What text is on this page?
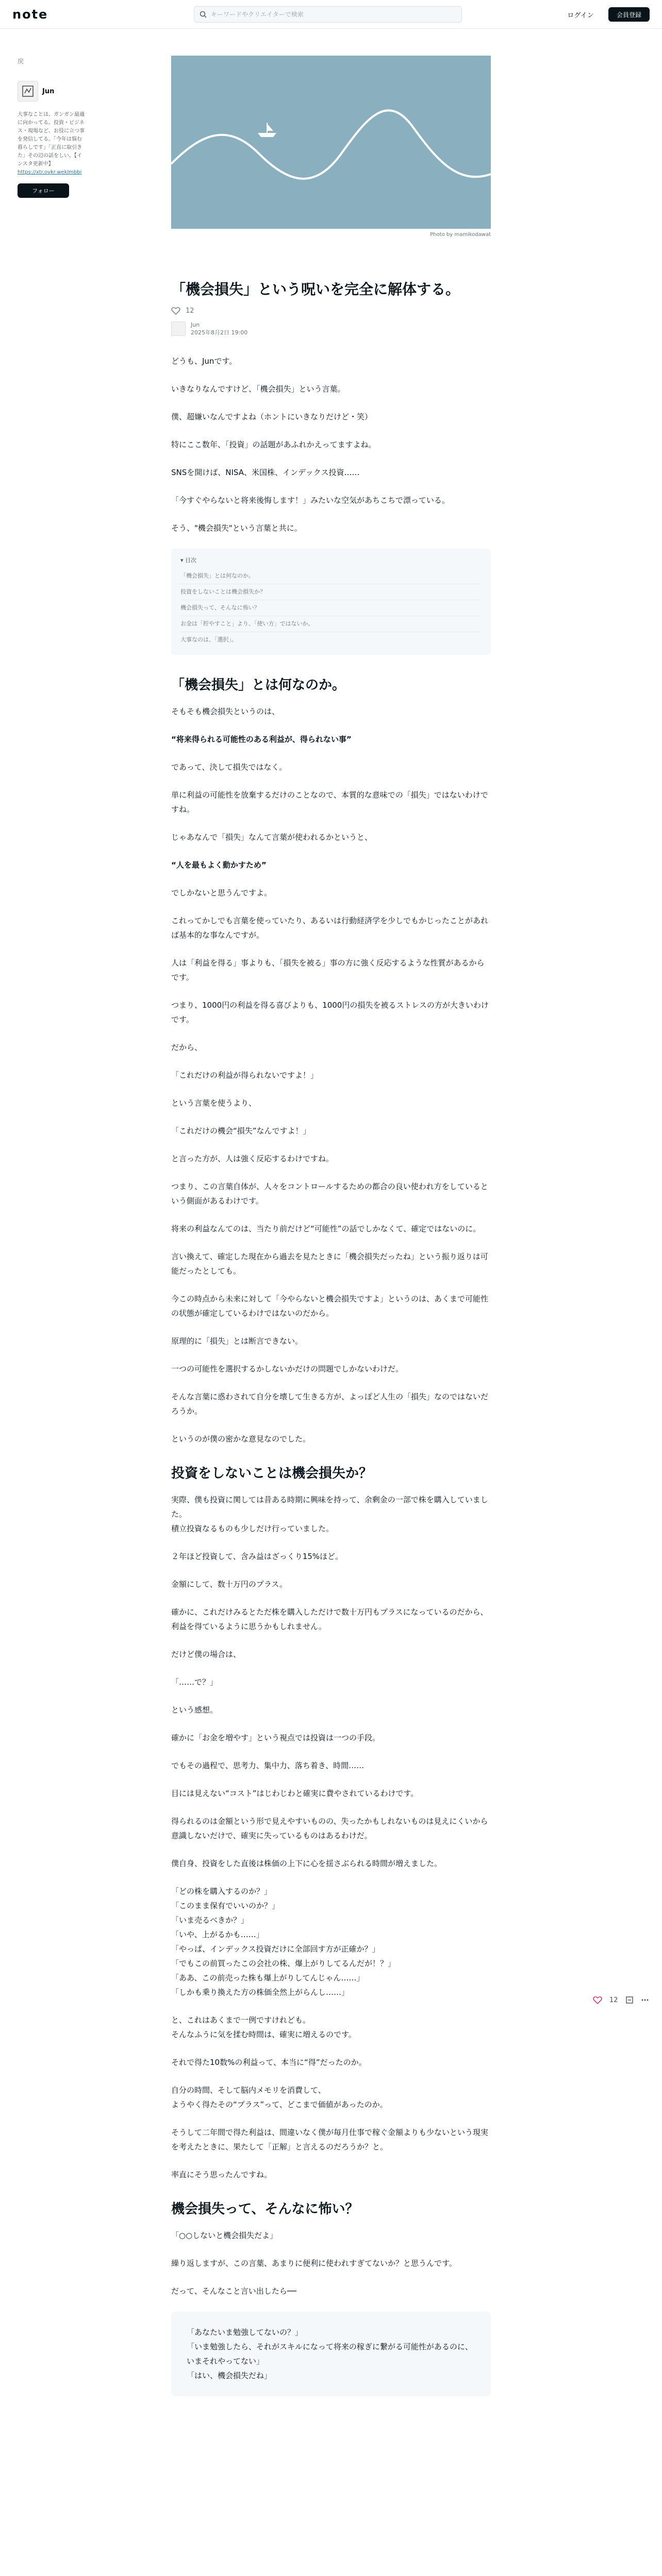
note
キーワードやクリエイターで検索	ログイン	会員登録
戻
Jun
大事なことは、ガンガン最適に向かってる。投資・ビジネス・現場など、お役に立つ事を発信してる。「今年は悩む暮らしです」「正直に取引きた」その辺の話をしい。【インスタ更新中】
https://xtr.ovkr.weklmbbi
フォロー
Photo by mamikodawat
「機会損失」という呪いを完全に解体する。
12
Jun
2025年8月2日 19:00

どうも、Junです。

いきなりなんですけど、「機会損失」という言葉。

僕、超嫌いなんですよね（ホントにいきなりだけど・笑）

特にここ数年、「投資」の話題があふれかえってますよね。

SNSを開けば、NISA、米国株、インデックス投資……

「今すぐやらないと将来後悔します！」みたいな空気があちこちで漂っている。

そう、"機会損失"という言葉と共に。

▾ 目次
「機会損失」とは何なのか。
投資をしないことは機会損失か？
機会損失って、そんなに怖い？
お金は「貯やすこと」より、「使い方」ではないか。
大事なのは、「選択」。
「機会損失」とは何なのか。

そもそも機会損失というのは、

“将来得られる可能性のある利益が、得られない事”

であって、決して損失ではなく。

単に利益の可能性を放棄するだけのことなので、本質的な意味での「損失」ではないわけですね。

じゃあなんで「損失」なんて言葉が使われるかというと、

“人を最もよく動かすため”

でしかないと思うんですよ。

これってかしでも言葉を使っていたり、あるいは行動経済学を少しでもかじったことがあれば基本的な事なんですが。

人は「利益を得る」事よりも、「損失を被る」事の方に強く反応するような性質があるからです。

つまり、1000円の利益を得る喜びよりも、1000円の損失を被るストレスの方が大きいわけです。

だから、

「これだけの利益が得られないですよ！」

という言葉を使うより、

「これだけの機会“損失”なんですよ！」

と言った方が、人は強く反応するわけですね。

つまり、この言葉自体が、人々をコントロールするための都合の良い使われ方をしているという側面があるわけです。

将来の利益なんてのは、当たり前だけど“可能性”の話でしかなくて、確定ではないのに。

言い換えて、確定した現在から過去を見たときに「機会損失だったね」という振り返りは可能だったとしても。

今この時点から未来に対して「今やらないと機会損失ですよ」というのは、あくまで可能性の状態が確定しているわけではないのだから。

原理的に「損失」とは断言できない。

一つの可能性を選択するかしないかだけの問題でしかないわけだ。

そんな言葉に惑わされて自分を壊して生きる方が、よっぽど人生の「損失」なのではないだろうか。

というのが僕の密かな意見なのでした。

投資をしないことは機会損失か？

実際、僕も投資に関しては昔ある時期に興味を持って、余剰金の一部で株を購入していました。

積立投資なるものも少しだけ行っていました。

２年ほど投資して、含み益はざっくり15%ほど。

金額にして、数十万円のプラス。

確かに、これだけみるとただ株を購入しただけで数十万円もプラスになっているのだから、利益を得ているように思うかもしれません。

だけど僕の場合は、

「……で？」

という感想。

確かに「お金を増やす」という視点では投資は一つの手段。

でもその過程で、思考力、集中力、落ち着き、時間……

目には見えない“コスト”はじわじわと確実に費やされているわけです。

得られるのは金額という形で見えやすいものの、失ったかもしれないものは見えにくいから意識しないだけで、確実に失っているものはあるわけだ。

僕自身、投資をした直後は株価の上下に心を揺さぶられる時間が増えました。

「どの株を購入するのか？」

「このまま保有でいいのか？」

「いま売るべきか？」

「いや、上がるかも……」

「やっぱ、インデックス投資だけに全部回す方が正確か？」

「でもこの前買ったこの会社の株、爆上がりしてるんだが！？」

「ああ、この前売った株も爆上がりしてんじゃん……」

「しかも乗り換えた方の株価全然上がらんし……」

と、これはあくまで一例ですけれども。

そんなふうに気を揉む時間は、確実に増えるのです。

それで得た10数%の利益って、本当に“得”だったのか。

自分の時間、そして脳内メモリを消費して、

ようやく得たその“プラス”って、どこまで価値があったのか。

そうして二年間で得た利益は、間違いなく僕が毎月仕事で稼ぐ金額よりも少ないという現実を考えたときに、果たして「正解」と言えるのだろうか？と。

率直にそう思ったんですね。

機会損失って、そんなに怖い？

「○○しないと機会損失だよ」

繰り返しますが、この言葉、あまりに便利に使われすぎてないか？と思うんです。

だって、そんなこと言い出したら──

「あなたいま勉強してないの？」

「いま勉強したら、それがスキルになって将来の稼ぎに繋がる可能性があるのに、いまそれやってない」

「はい、機会損失だね」

12
